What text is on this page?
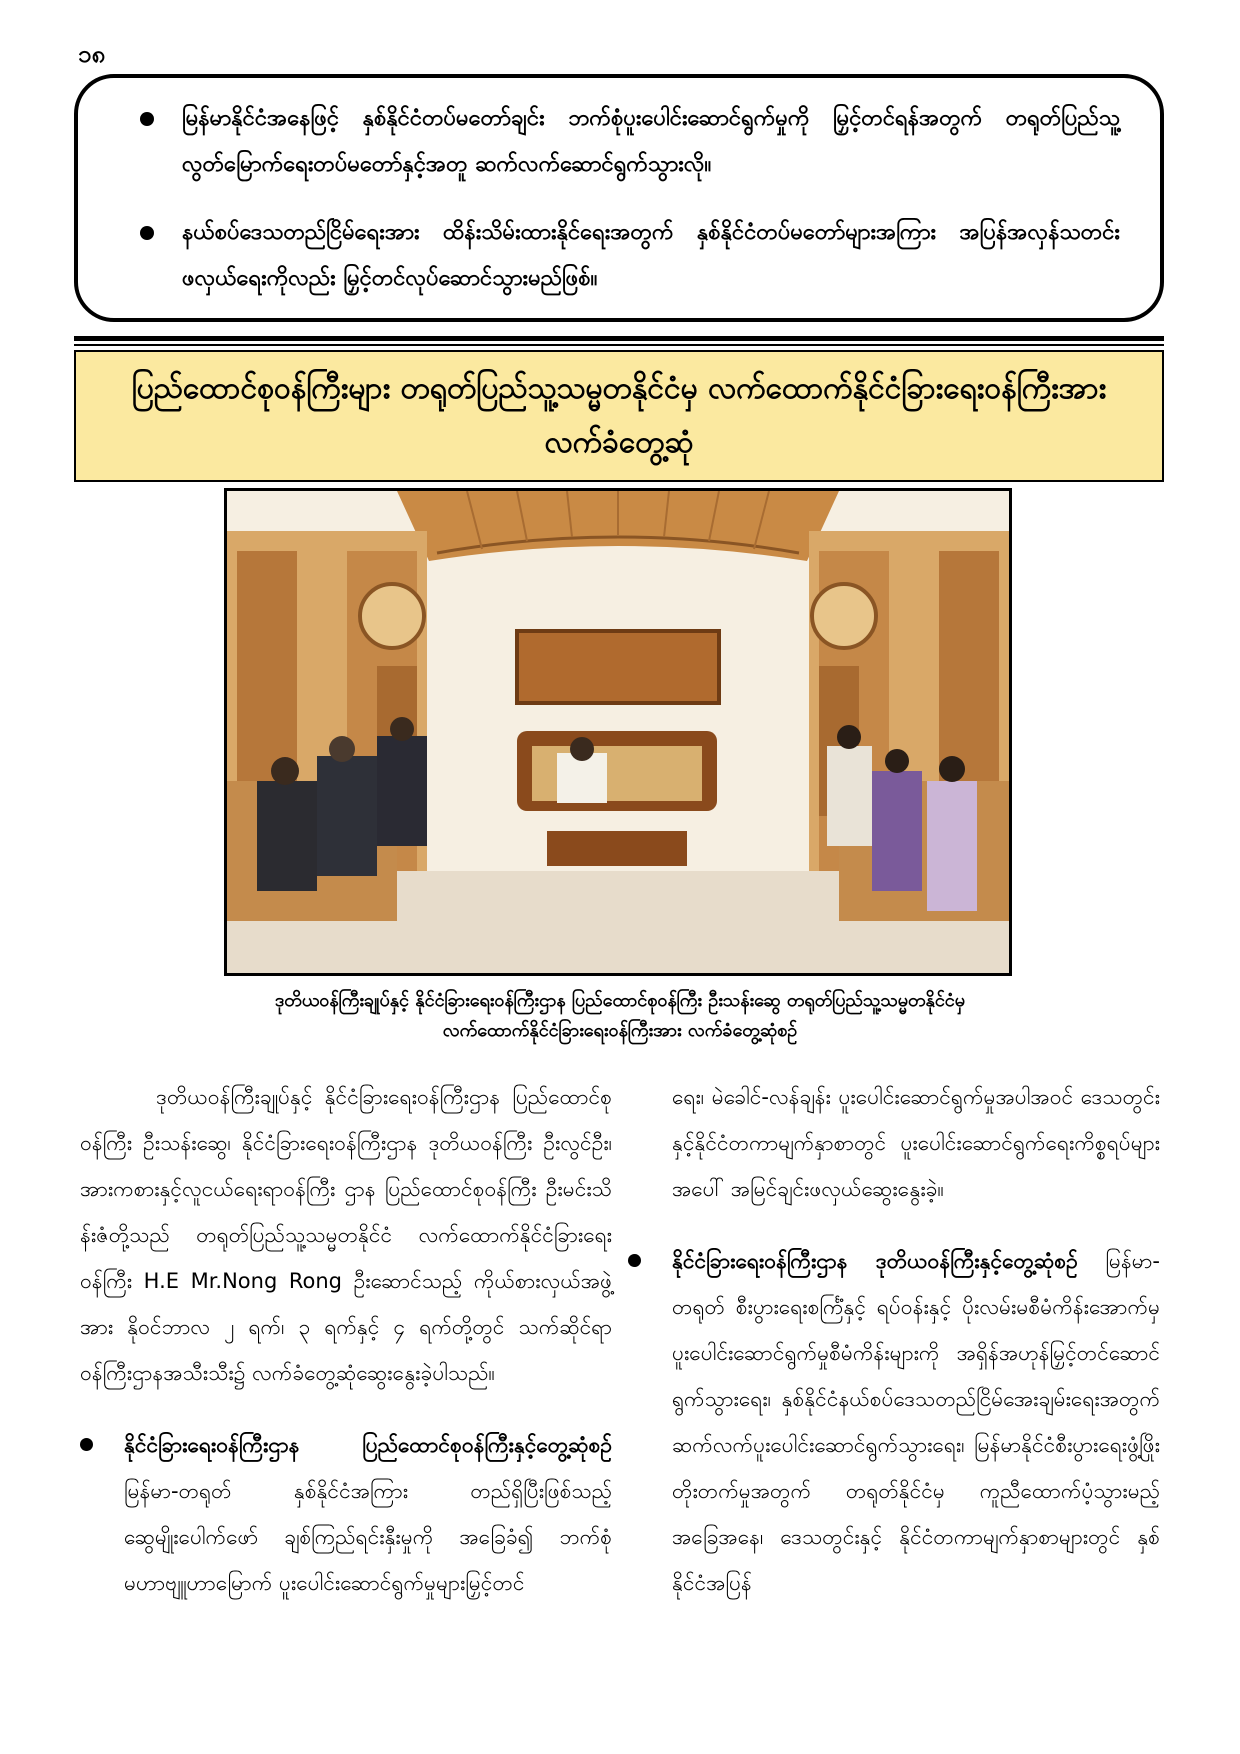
၁၈

မြန်မာနိုင်ငံအနေဖြင့် နှစ်နိုင်ငံတပ်မတော်ချင်း ဘက်စုံပူးပေါင်းဆောင်ရွက်မှုကို မြှင့်တင်ရန်အတွက် တရုတ်ပြည်သူ့လွတ်မြောက်ရေးတပ်မတော်နှင့်အတူ ဆက်လက်ဆောင်ရွက်သွားလို။

နယ်စပ်ဒေသတည်ငြိမ်ရေးအား ထိန်းသိမ်းထားနိုင်ရေးအတွက် နှစ်နိုင်ငံတပ်မတော်များအကြား အပြန်အလှန်သတင်းဖလှယ်ရေးကိုလည်း မြှင့်တင်လုပ်ဆောင်သွားမည်ဖြစ်။

ပြည်ထောင်စုဝန်ကြီးများ တရုတ်ပြည်သူ့သမ္မတနိုင်ငံမှ လက်ထောက်နိုင်ငံခြားရေးဝန်ကြီးအား လက်ခံတွေ့ဆုံ
ဒုတိယဝန်ကြီးချုပ်နှင့် နိုင်ငံခြားရေးဝန်ကြီးဌာန ပြည်ထောင်စုဝန်ကြီး ဦးသန်းဆွေ တရုတ်ပြည်သူ့သမ္မတနိုင်ငံမှ
လက်ထောက်နိုင်ငံခြားရေးဝန်ကြီးအား လက်ခံတွေ့ဆုံစဉ်

ဒုတိယဝန်ကြီးချုပ်နှင့် နိုင်ငံခြားရေးဝန်ကြီးဌာန ပြည်ထောင်စုဝန်ကြီး ဦးသန်းဆွေ၊ နိုင်ငံခြားရေးဝန်ကြီးဌာန ဒုတိယဝန်ကြီး ဦးလွင်ဦး၊ အားကစားနှင့်လူငယ်ရေးရာဝန်ကြီး ဌာန ပြည်ထောင်စုဝန်ကြီး ဦးမင်းသိန်းဇံတို့သည် တရုတ်ပြည်သူ့သမ္မတနိုင်ငံ လက်ထောက်နိုင်ငံခြားရေးဝန်ကြီး H.E Mr.Nong Rong ဦးဆောင်သည့် ကိုယ်စားလှယ်အဖွဲ့အား နိုဝင်ဘာလ ၂ ရက်၊ ၃ ရက်နှင့် ၄ ရက်တို့တွင် သက်ဆိုင်ရာဝန်ကြီးဌာနအသီးသီး၌ လက်ခံတွေ့ဆုံဆွေးနွေးခဲ့ပါသည်။

နိုင်ငံခြားရေးဝန်ကြီးဌာန ပြည်ထောင်စုဝန်ကြီးနှင့်တွေ့ဆုံစဉ် မြန်မာ-တရုတ် နှစ်နိုင်ငံအကြား တည်ရှိပြီးဖြစ်သည့် ဆွေမျိုးပေါက်ဖော် ချစ်ကြည်ရင်းနှီးမှုကို အခြေခံ၍ ဘက်စုံမဟာဗျူဟာမြောက် ပူးပေါင်းဆောင်ရွက်မှုများမြှင့်တင်

ရေး၊ မဲခေါင်-လန်ချန်း ပူးပေါင်းဆောင်ရွက်မှုအပါအဝင် ဒေသတွင်းနှင့်နိုင်ငံတကာမျက်နှာစာတွင် ပူးပေါင်းဆောင်ရွက်ရေးကိစ္စရပ်များအပေါ် အမြင်ချင်းဖလှယ်ဆွေးနွေးခဲ့။

နိုင်ငံခြားရေးဝန်ကြီးဌာန ဒုတိယဝန်ကြီးနှင့်တွေ့ဆုံစဉ် မြန်မာ-တရုတ် စီးပွားရေးစင်္ကြံနှင့် ရပ်ဝန်းနှင့် ပိုးလမ်းမစီမံကိန်းအောက်မှ ပူးပေါင်းဆောင်ရွက်မှုစီမံကိန်းများကို အရှိန်အဟုန်မြှင့်တင်ဆောင်ရွက်သွားရေး၊ နှစ်နိုင်ငံနယ်စပ်ဒေသတည်ငြိမ်အေးချမ်းရေးအတွက် ဆက်လက်ပူးပေါင်းဆောင်ရွက်သွားရေး၊ မြန်မာနိုင်ငံစီးပွားရေးဖွံ့ဖြိုးတိုးတက်မှုအတွက် တရုတ်နိုင်ငံမှ ကူညီထောက်ပံ့သွားမည့်အခြေအနေ၊ ဒေသတွင်းနှင့် နိုင်ငံတကာမျက်နှာစာများတွင် နှစ်နိုင်ငံအပြန်
